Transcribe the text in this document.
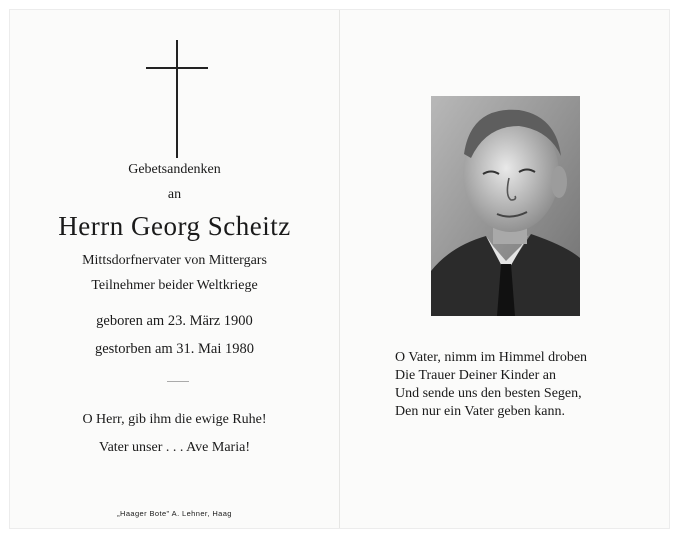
Gebetsandenken
an
Herrn Georg Scheitz
Mittsdorfnervater von Mittergars
Teilnehmer beider Weltkriege
geboren am 23. März 1900
gestorben am 31. Mai 1980
O Herr, gib ihm die ewige Ruhe!
Vater unser . . . Ave Maria!
„Haager Bote" A. Lehner, Haag
O Vater, nimm im Himmel droben
Die Trauer Deiner Kinder an
Und sende uns den besten Segen,
Den nur ein Vater geben kann.
